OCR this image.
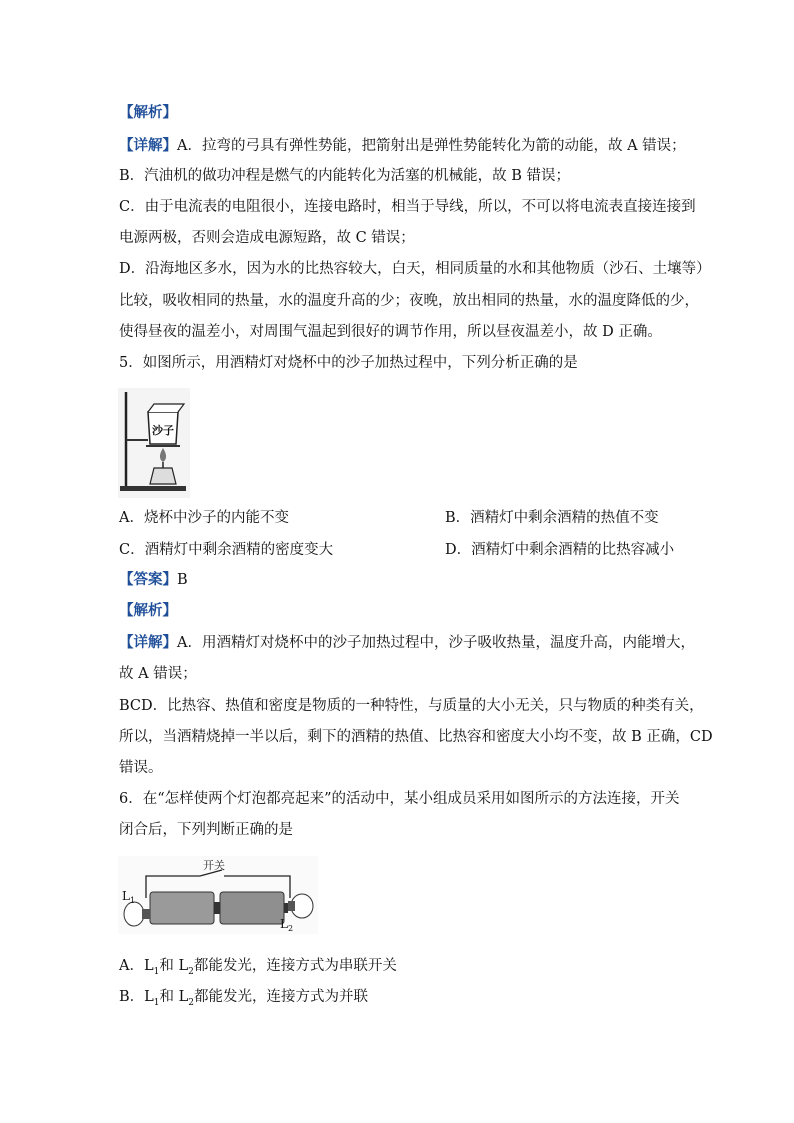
【解析】
【详解】A．拉弯的弓具有弹性势能，把箭射出是弹性势能转化为箭的动能，故 A 错误；
B．汽油机的做功冲程是燃气的内能转化为活塞的机械能，故 B 错误；
C．由于电流表的电阻很小，连接电路时，相当于导线，所以，不可以将电流表直接连接到
电源两极，否则会造成电源短路，故 C 错误；
D．沿海地区多水，因为水的比热容较大，白天，相同质量的水和其他物质（沙石、土壤等）
比较，吸收相同的热量，水的温度升高的少；夜晚，放出相同的热量，水的温度降低的少，
使得昼夜的温差小，对周围气温起到很好的调节作用，所以昼夜温差小，故 D 正确。
5．如图所示，用酒精灯对烧杯中的沙子加热过程中，下列分析正确的是
沙子
A．烧杯中沙子的内能不变	B．酒精灯中剩余酒精的热值不变
C．酒精灯中剩余酒精的密度变大	D．酒精灯中剩余酒精的比热容减小
【答案】B
【解析】
【详解】A．用酒精灯对烧杯中的沙子加热过程中，沙子吸收热量，温度升高，内能增大，
故 A 错误；
BCD．比热容、热值和密度是物质的一种特性，与质量的大小无关，只与物质的种类有关，
所以，当酒精烧掉一半以后，剩下的酒精的热值、比热容和密度大小均不变，故 B 正确，CD
错误。
6．在“怎样使两个灯泡都亮起来”的活动中，某小组成员采用如图所示的方法连接，开关
闭合后，下列判断正确的是
开关
$L_1$
$L_2$
A．$L_1$和 $L_2$都能发光，连接方式为串联开关
B．$L_1$和 $L_2$都能发光，连接方式为并联
